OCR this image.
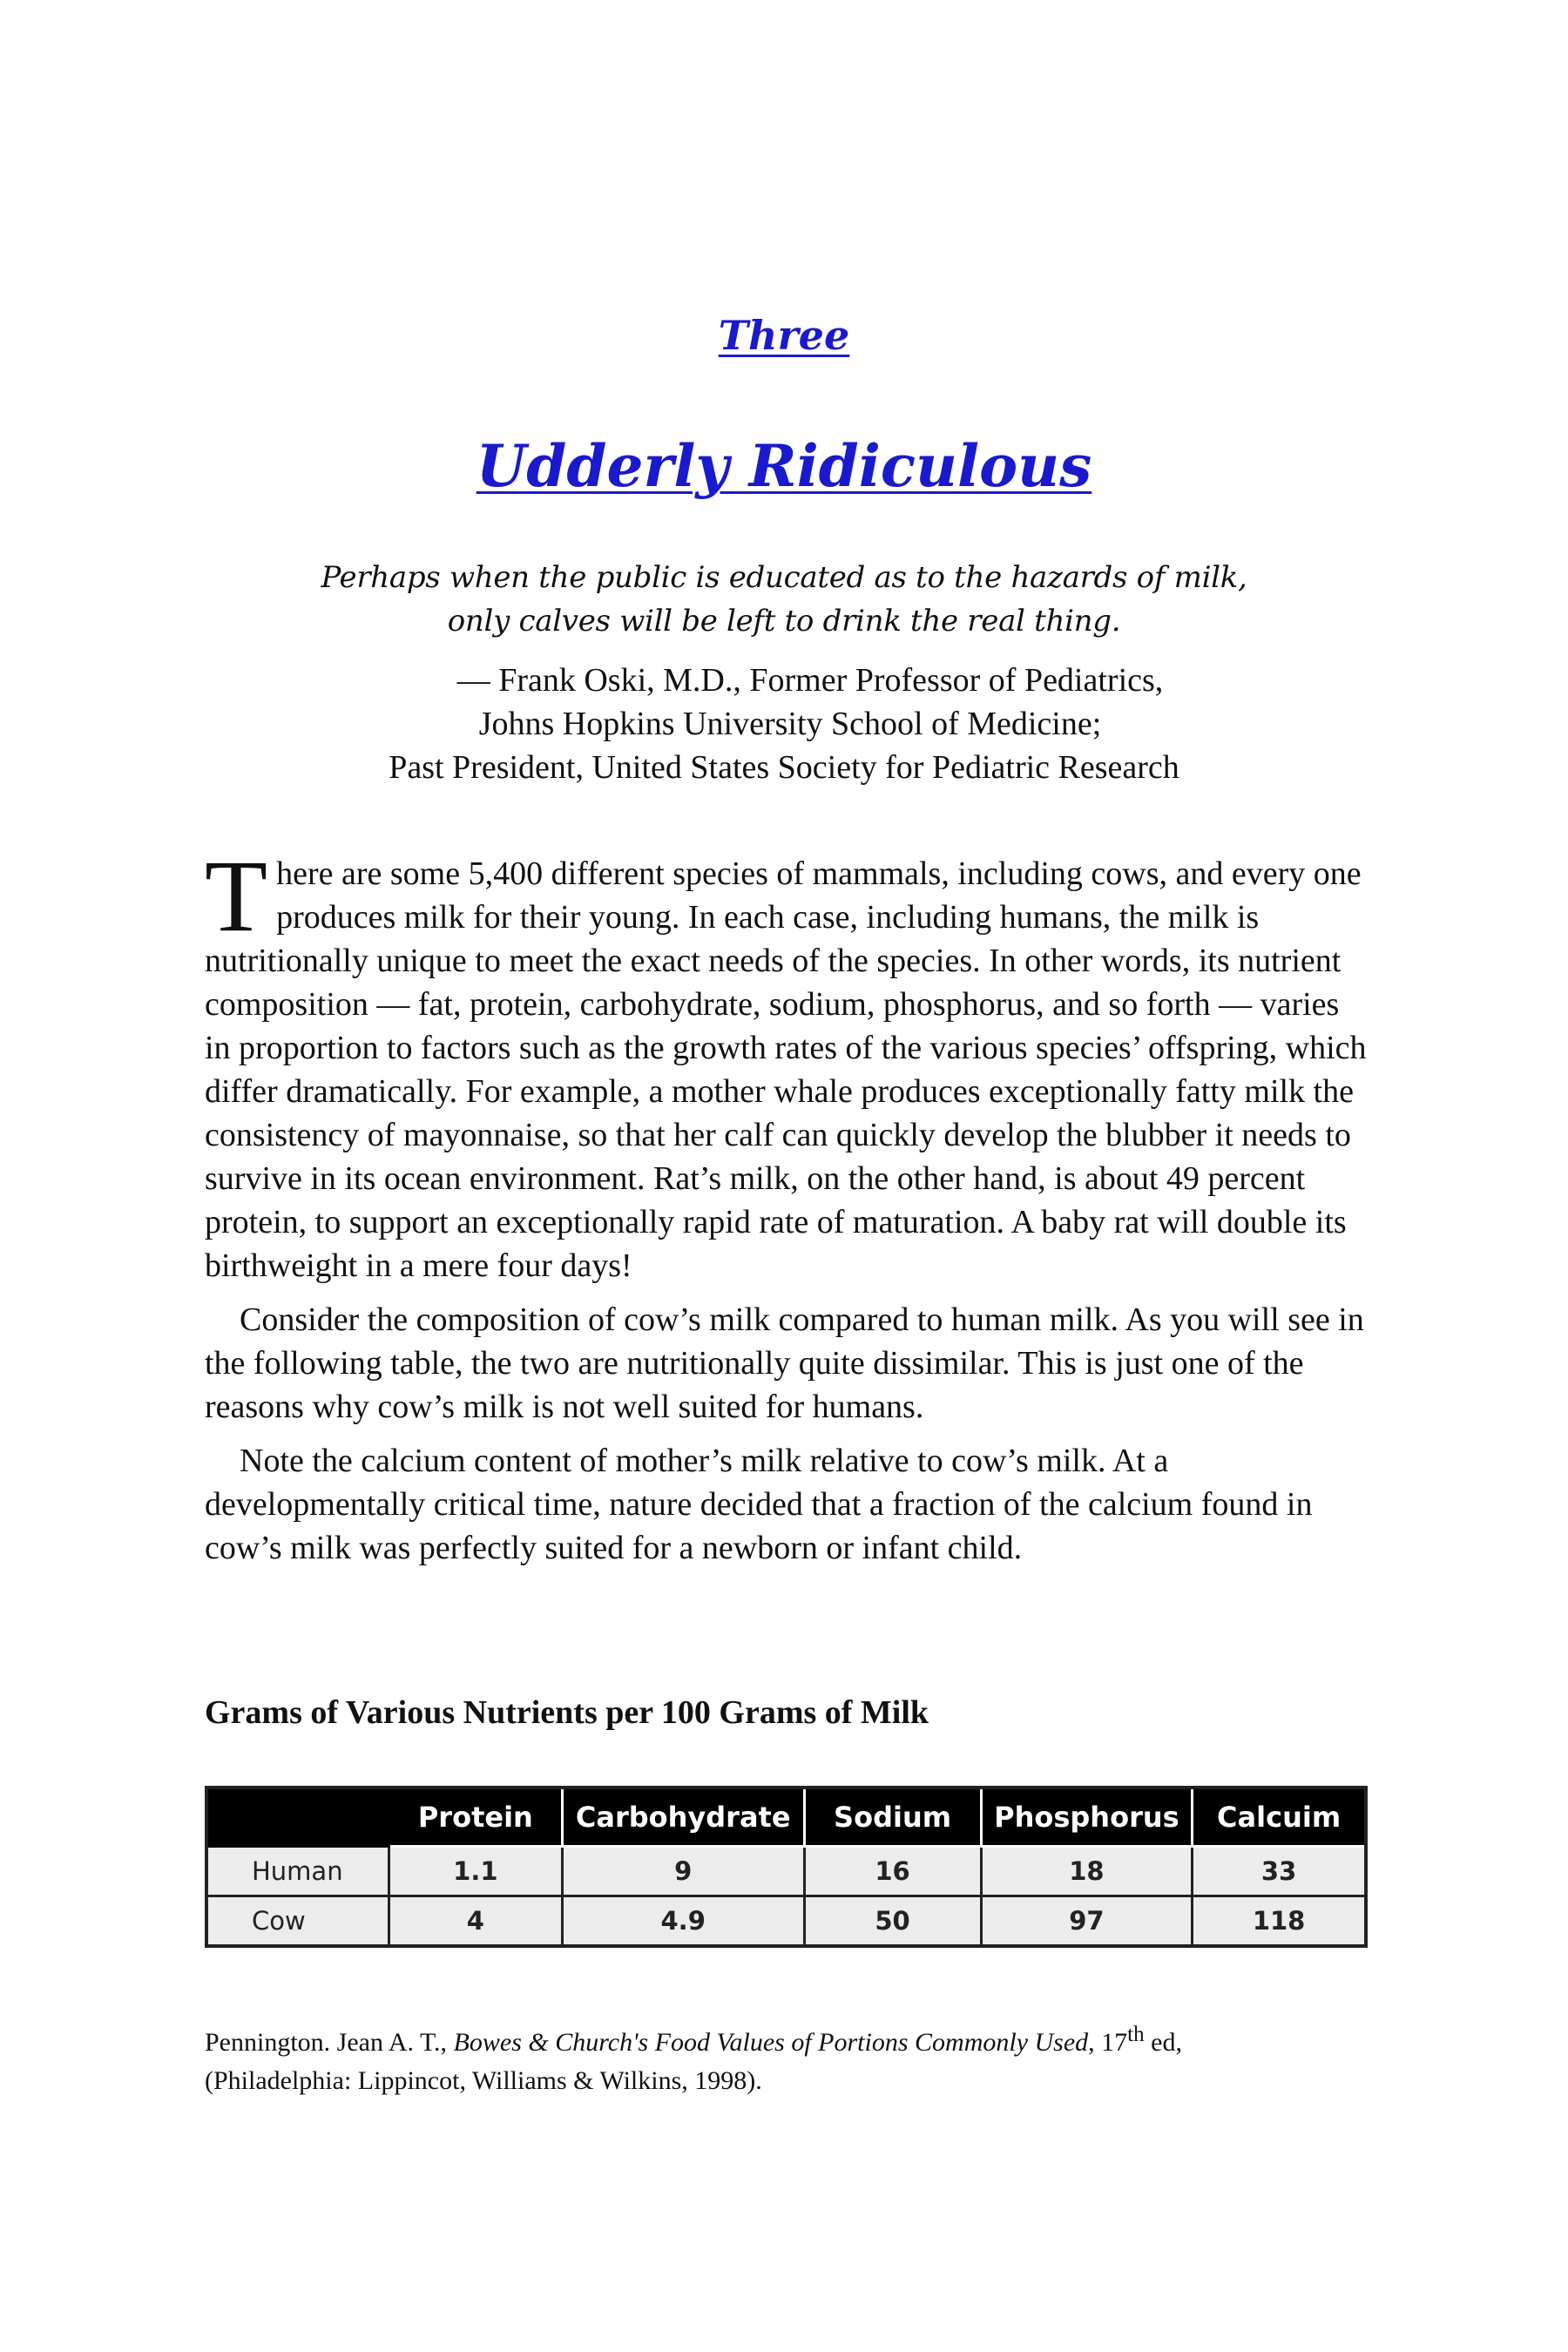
Three
Udderly Ridiculous
Perhaps when the public is educated as to the hazards of milk,
only calves will be left to drink the real thing.
— Frank Oski, M.D., Former Professor of Pediatrics,
Johns Hopkins University School of Medicine;
Past President, United States Society for Pediatric Research

There are some 5,400 different species of mammals, including cows, and every one produces milk for their young. In each case, including humans, the milk is nutritionally unique to meet the exact needs of the species. In other words, its nutrient composition — fat, protein, carbohydrate, sodium, phosphorus, and so forth — varies in proportion to factors such as the growth rates of the various species’ offspring, which differ dramatically. For example, a mother whale produces exceptionally fatty milk the consistency of mayonnaise, so that her calf can quickly develop the blubber it needs to survive in its ocean environment. Rat’s milk, on the other hand, is about 49 percent protein, to support an exceptionally rapid rate of maturation. A baby rat will double its birthweight in a mere four days!

Consider the composition of cow’s milk compared to human milk. As you will see in the following table, the two are nutritionally quite dissimilar. This is just one of the reasons why cow’s milk is not well suited for humans.

Note the calcium content of mother’s milk relative to cow’s milk. At a developmentally critical time, nature decided that a fraction of the calcium found in cow’s milk was perfectly suited for a newborn or infant child.

Grams of Various Nutrients per 100 Grams of Milk
	Protein	Carbohydrate	Sodium	Phosphorus	Calcuim
Human	1.1	9	16	18	33
Cow	4	4.9	50	97	118
Pennington. Jean A. T., Bowes & Church's Food Values of Portions Commonly Used, 17th ed,
(Philadelphia: Lippincot, Williams & Wilkins, 1998).
